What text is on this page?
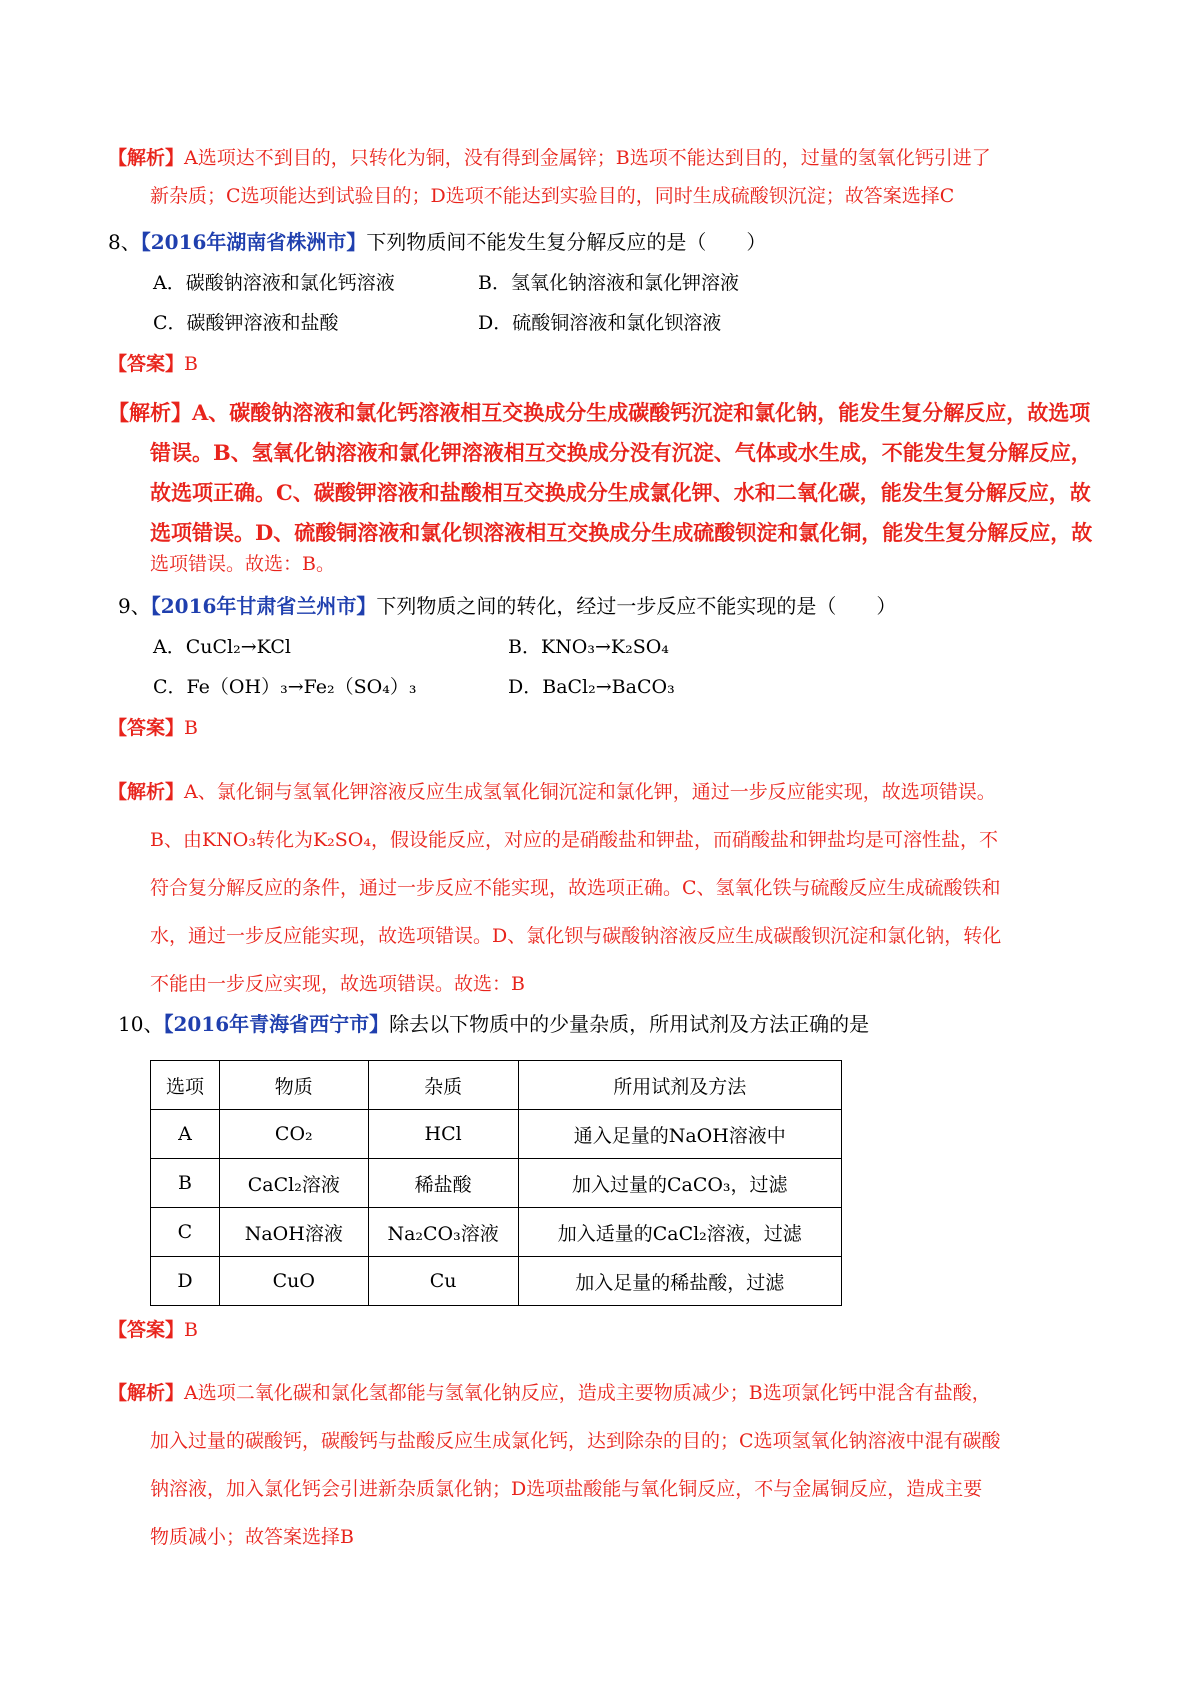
【解析】A选项达不到目的，只转化为铜，没有得到金属锌；B选项不能达到目的，过量的氢氧化钙引进了
新杂质；C选项能达到试验目的；D选项不能达到实验目的，同时生成硫酸钡沉淀；故答案选择C
8、【2016年湖南省株洲市】下列物质间不能发生复分解反应的是（　　）
A．碳酸钠溶液和氯化钙溶液	B．氢氧化钠溶液和氯化钾溶液
C．碳酸钾溶液和盐酸	D．硫酸铜溶液和氯化钡溶液
【答案】B
【解析】A、碳酸钠溶液和氯化钙溶液相互交换成分生成碳酸钙沉淀和氯化钠，能发生复分解反应，故选项
错误。B、氢氧化钠溶液和氯化钾溶液相互交换成分没有沉淀、气体或水生成，不能发生复分解反应，
故选项正确。C、碳酸钾溶液和盐酸相互交换成分生成氯化钾、水和二氧化碳，能发生复分解反应，故
选项错误。D、硫酸铜溶液和氯化钡溶液相互交换成分生成硫酸钡淀和氯化铜，能发生复分解反应，故
选项错误。故选：B。
9、【2016年甘肃省兰州市】下列物质之间的转化，经过一步反应不能实现的是（　　）
A．CuCl₂→KCl	B．KNO₃→K₂SO₄
C．Fe（OH）₃→Fe₂（SO₄）₃	D．BaCl₂→BaCO₃
【答案】B
【解析】A、氯化铜与氢氧化钾溶液反应生成氢氧化铜沉淀和氯化钾，通过一步反应能实现，故选项错误。
B、由KNO₃转化为K₂SO₄，假设能反应，对应的是硝酸盐和钾盐，而硝酸盐和钾盐均是可溶性盐，不
符合复分解反应的条件，通过一步反应不能实现，故选项正确。C、氢氧化铁与硫酸反应生成硫酸铁和
水，通过一步反应能实现，故选项错误。D、氯化钡与碳酸钠溶液反应生成碳酸钡沉淀和氯化钠，转化
不能由一步反应实现，故选项错误。故选：B
10、【2016年青海省西宁市】除去以下物质中的少量杂质，所用试剂及方法正确的是
选项	物质	杂质	所用试剂及方法
A	CO₂	HCl	通入足量的NaOH溶液中
B	CaCl₂溶液	稀盐酸	加入过量的CaCO₃，过滤
C	NaOH溶液	Na₂CO₃溶液	加入适量的CaCl₂溶液，过滤
D	CuO	Cu	加入足量的稀盐酸，过滤
【答案】B
【解析】A选项二氧化碳和氯化氢都能与氢氧化钠反应，造成主要物质减少；B选项氯化钙中混含有盐酸，
加入过量的碳酸钙，碳酸钙与盐酸反应生成氯化钙，达到除杂的目的；C选项氢氧化钠溶液中混有碳酸
钠溶液，加入氯化钙会引进新杂质氯化钠；D选项盐酸能与氧化铜反应，不与金属铜反应，造成主要
物质减小；故答案选择B
